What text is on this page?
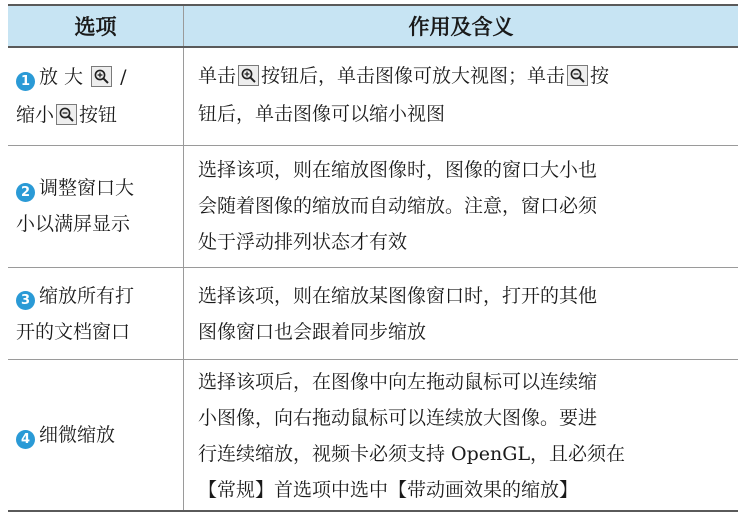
选项	作用及含义
1 放 大 /
缩小 按钮
单击 按钮后，单击图像可放大视图；单击 按
钮后，单击图像可以缩小视图
2 调整窗口大
小以满屏显示
选择该项，则在缩放图像时，图像的窗口大小也
会随着图像的缩放而自动缩放。注意，窗口必须
处于浮动排列状态才有效
3 缩放所有打
开的文档窗口
选择该项，则在缩放某图像窗口时，打开的其他
图像窗口也会跟着同步缩放
4 细微缩放
选择该项后，在图像中向左拖动鼠标可以连续缩
小图像，向右拖动鼠标可以连续放大图像。要进
行连续缩放，视频卡必须支持 OpenGL，且必须在
【常规】首选项中选中【带动画效果的缩放】
